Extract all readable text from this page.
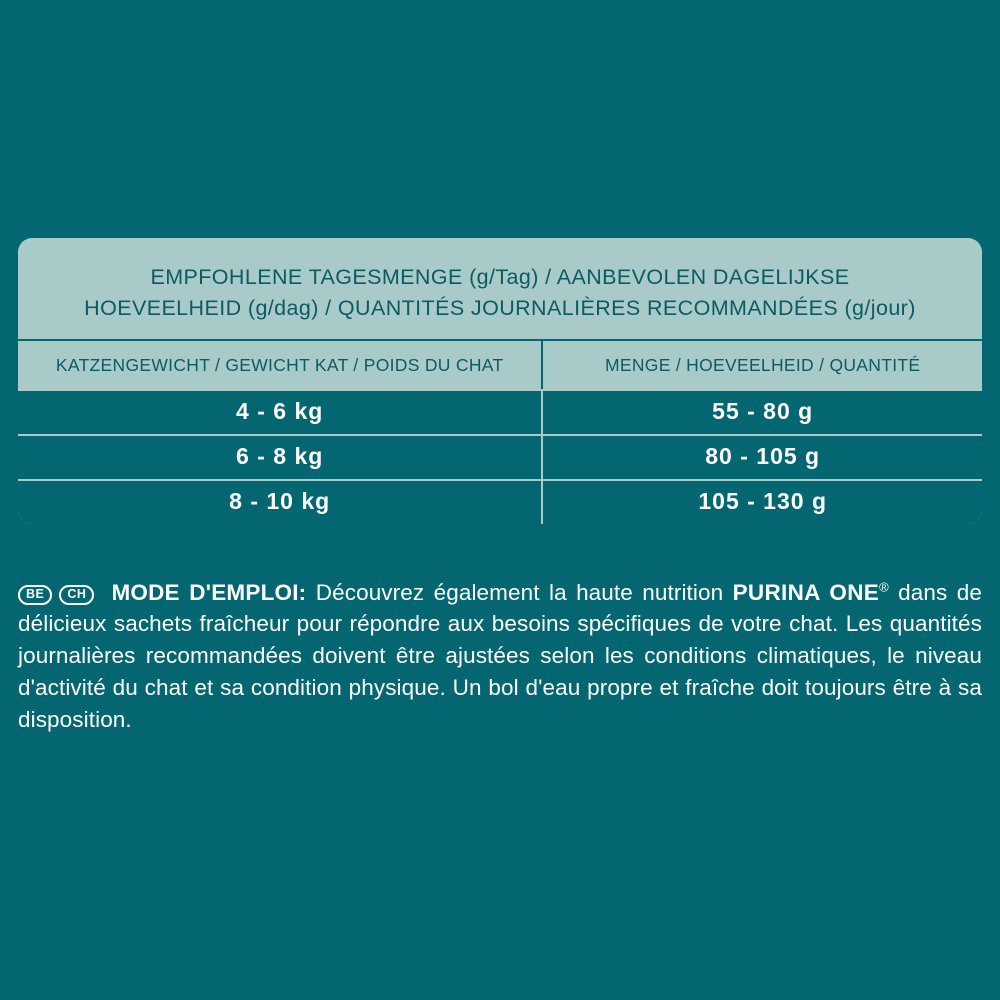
EMPFOHLENE TAGESMENGE (g/Tag) / AANBEVOLEN DAGELIJKSE
HOEVEELHEID (g/dag) / QUANTITÉS JOURNALIÈRES RECOMMANDÉES (g/jour)
KATZENGEWICHT / GEWICHT KAT / POIDS DU CHAT	MENGE / HOEVEELHEID / QUANTITÉ
4 - 6 kg	55 - 80 g
6 - 8 kg	80 - 105 g
8 - 10 kg	105 - 130 g

BE CH MODE D'EMPLOI: Découvrez également la haute nutrition PURINA ONE® dans de délicieux sachets fraîcheur pour répondre aux besoins spécifiques de votre chat. Les quantités journalières recommandées doivent être ajustées selon les conditions climatiques, le niveau d'activité du chat et sa condition physique. Un bol d'eau propre et fraîche doit toujours être à sa disposition.
